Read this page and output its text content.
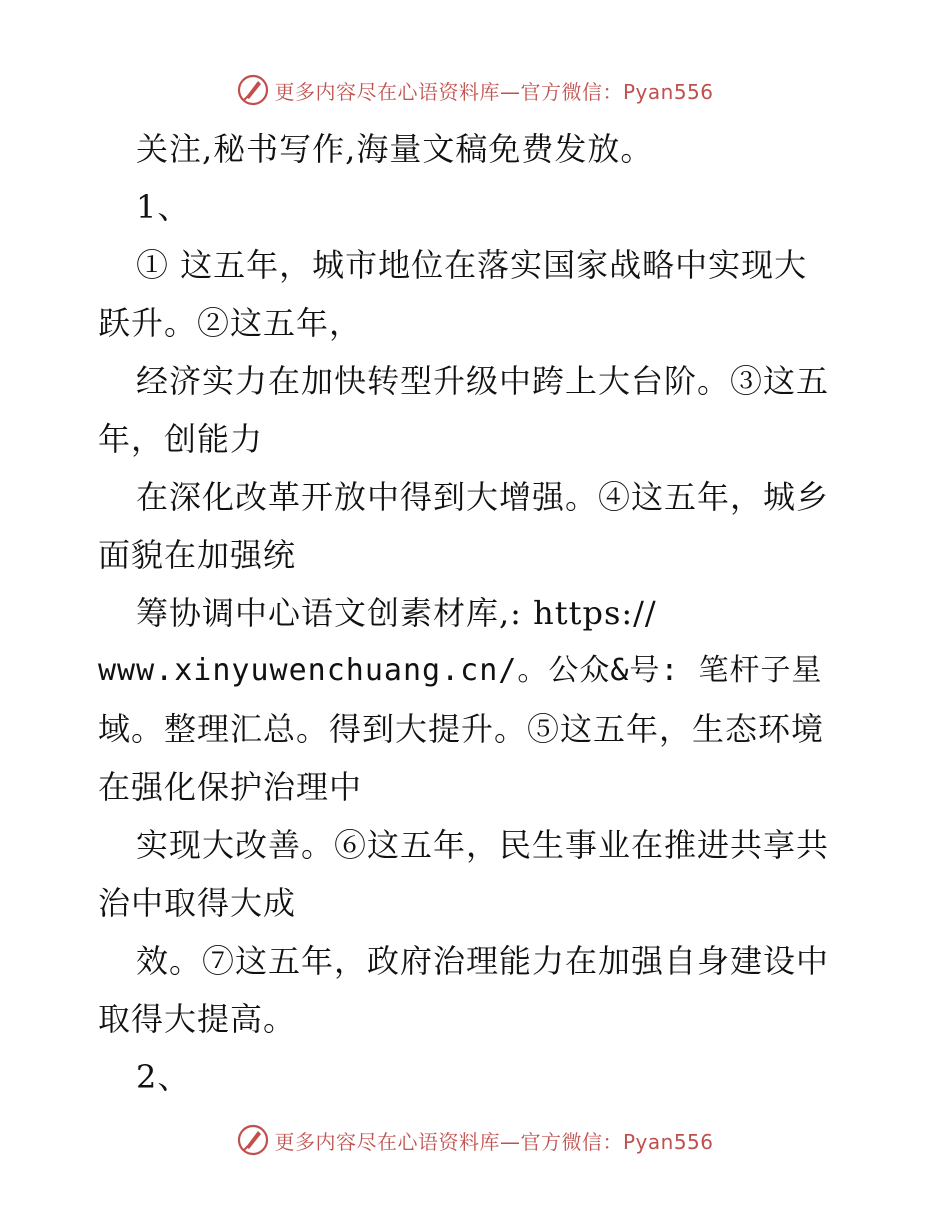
更多内容尽在心语资料库—官方微信：Pyan556
关注,秘书写作,海量文稿免费发放。
1、
① 这五年，城市地位在落实国家战略中实现大
跃升。②这五年，
经济实力在加快转型升级中跨上大台阶。③这五
年，创能力
在深化改革开放中得到大增强。④这五年，城乡
面貌在加强统
筹协调中心语文创素材库,: https://
www.xinyuwenchuang.cn/。公众&号: 笔杆子星
域。整理汇总。得到大提升。⑤这五年，生态环境
在强化保护治理中
实现大改善。⑥这五年，民生事业在推进共享共
治中取得大成
效。⑦这五年，政府治理能力在加强自身建设中
取得大提高。
2、
更多内容尽在心语资料库—官方微信：Pyan556
